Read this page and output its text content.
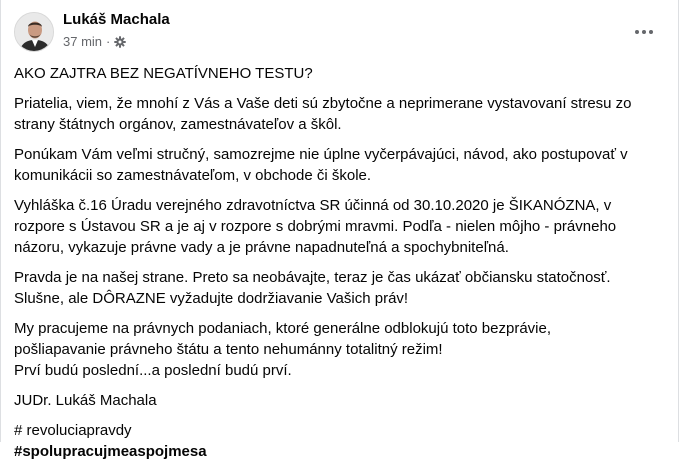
Lukáš Machala
37 min ·

AKO ZAJTRA BEZ NEGATÍVNEHO TESTU?

Priatelia, viem, že mnohí z Vás a Vaše deti sú zbytočne a neprimerane vystavovaní stresu zo
strany štátnych orgánov, zamestnávateľov a škôl.

Ponúkam Vám veľmi stručný, samozrejme nie úplne vyčerpávajúci, návod, ako postupovať v
komunikácii so zamestnávateľom, v obchode či škole.

Vyhláška č.16 Úradu verejného zdravotníctva SR účinná od 30.10.2020 je ŠIKANÓZNA, v
rozpore s Ústavou SR a je aj v rozpore s dobrými mravmi. Podľa - nielen môjho - právneho
názoru, vykazuje právne vady a je právne napadnuteľná a spochybniteľná.

Pravda je na našej strane. Preto sa neobávajte, teraz je čas ukázať občiansku statočnosť.
Slušne, ale DÔRAZNE vyžadujte dodržiavanie Vašich práv!

My pracujeme na právnych podaniach, ktoré generálne odblokujú toto bezprávie,
pošliapavanie právneho štátu a tento nehumánny totalitný režim!
Prví budú poslední...a poslední budú prví.

JUDr. Lukáš Machala

# revoluciapravdy
#spolupracujmeaspojmesa
